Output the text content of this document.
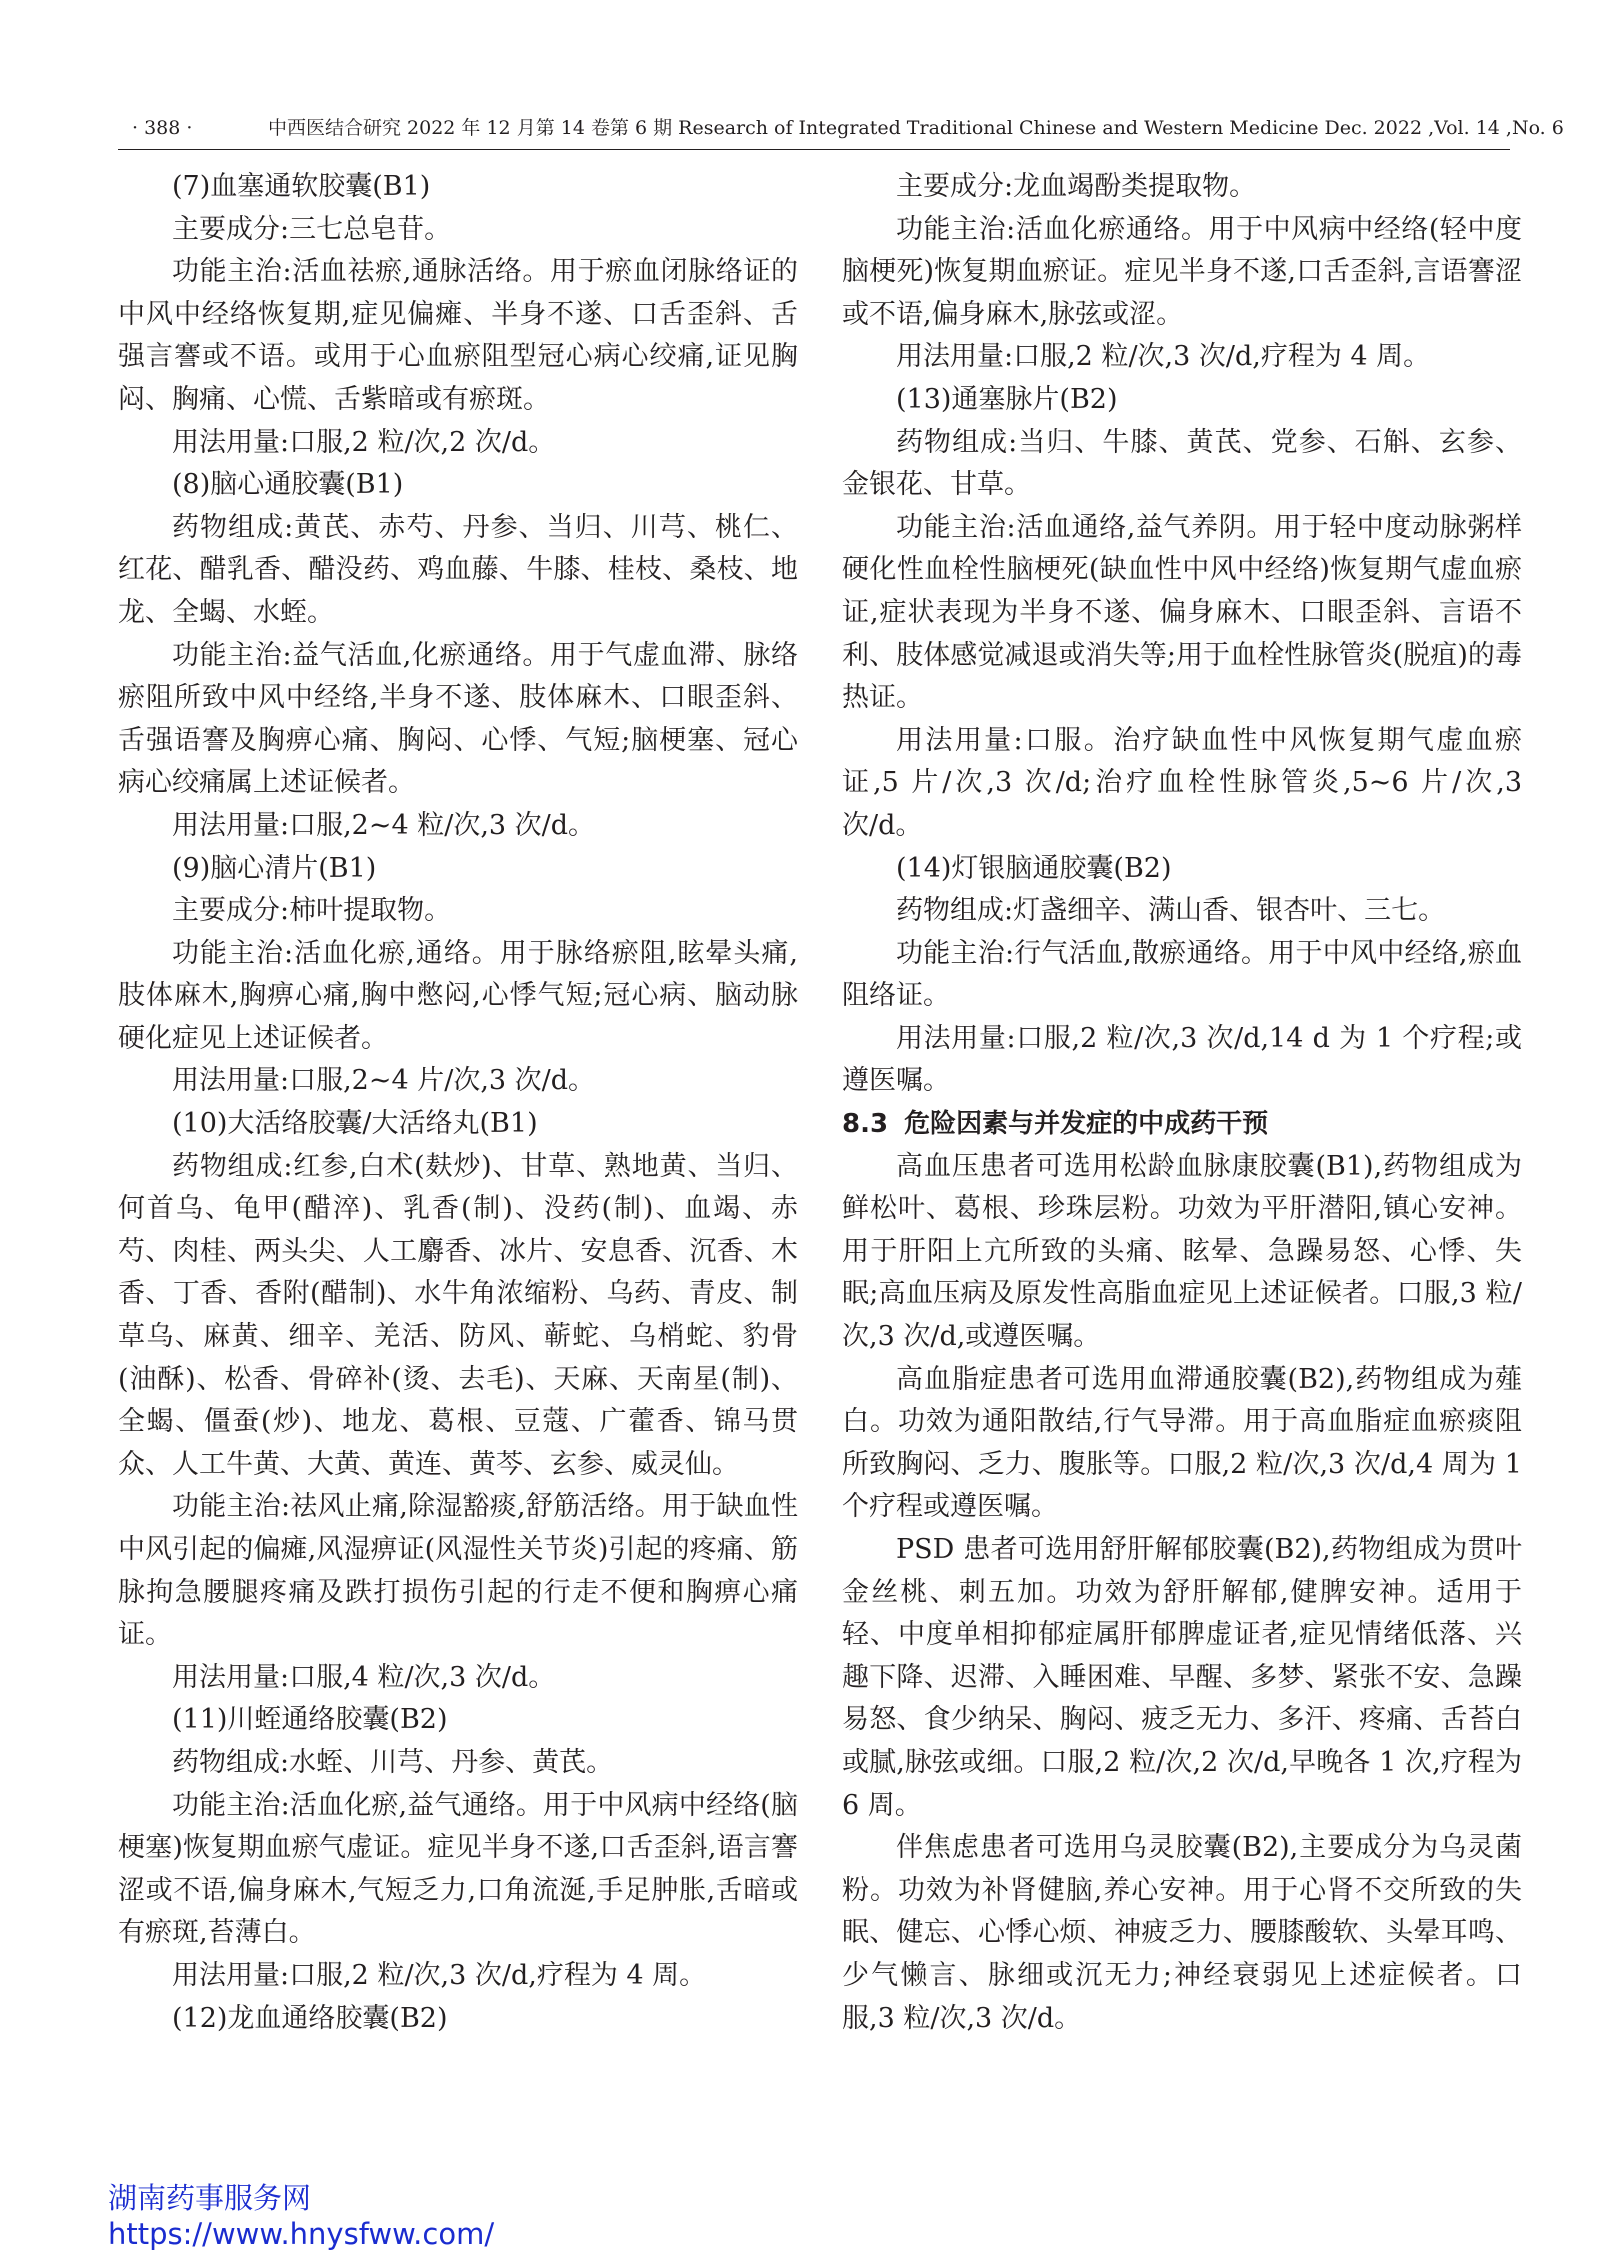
· 388 ·	中西医结合研究 2022 年 12 月第 14 卷第 6 期 Research of Integrated Traditional Chinese and Western Medicine Dec. 2022 ,Vol. 14 ,No. 6

(7)血塞通软胶囊(B1)

主要成分:三七总皂苷。

功能主治:活血祛瘀,通脉活络。用于瘀血闭脉络证的中风中经络恢复期,症见偏瘫、半身不遂、口舌歪斜、舌强言謇或不语。或用于心血瘀阻型冠心病心绞痛,证见胸闷、胸痛、心慌、舌紫暗或有瘀斑。

用法用量:口服,2 粒/次,2 次/d。

(8)脑心通胶囊(B1)

药物组成:黄芪、赤芍、丹参、当归、川芎、桃仁、红花、醋乳香、醋没药、鸡血藤、牛膝、桂枝、桑枝、地龙、全蝎、水蛭。

功能主治:益气活血,化瘀通络。用于气虚血滞、脉络瘀阻所致中风中经络,半身不遂、肢体麻木、口眼歪斜、舌强语謇及胸痹心痛、胸闷、心悸、气短;脑梗塞、冠心病心绞痛属上述证候者。

用法用量:口服,2~4 粒/次,3 次/d。

(9)脑心清片(B1)

主要成分:柿叶提取物。

功能主治:活血化瘀,通络。用于脉络瘀阻,眩晕头痛,肢体麻木,胸痹心痛,胸中憋闷,心悸气短;冠心病、脑动脉硬化症见上述证候者。

用法用量:口服,2~4 片/次,3 次/d。

(10)大活络胶囊/大活络丸(B1)

药物组成:红参,白术(麸炒)、甘草、熟地黄、当归、何首乌、龟甲(醋淬)、乳香(制)、没药(制)、血竭、赤芍、肉桂、两头尖、人工麝香、冰片、安息香、沉香、木香、丁香、香附(醋制)、水牛角浓缩粉、乌药、青皮、制草乌、麻黄、细辛、羌活、防风、蕲蛇、乌梢蛇、豹骨(油酥)、松香、骨碎补(烫、去毛)、天麻、天南星(制)、全蝎、僵蚕(炒)、地龙、葛根、豆蔻、广藿香、锦马贯众、人工牛黄、大黄、黄连、黄芩、玄参、威灵仙。

功能主治:祛风止痛,除湿豁痰,舒筋活络。用于缺血性中风引起的偏瘫,风湿痹证(风湿性关节炎)引起的疼痛、筋脉拘急腰腿疼痛及跌打损伤引起的行走不便和胸痹心痛证。

用法用量:口服,4 粒/次,3 次/d。

(11)川蛭通络胶囊(B2)

药物组成:水蛭、川芎、丹参、黄芪。

功能主治:活血化瘀,益气通络。用于中风病中经络(脑梗塞)恢复期血瘀气虚证。症见半身不遂,口舌歪斜,语言謇涩或不语,偏身麻木,气短乏力,口角流涎,手足肿胀,舌暗或有瘀斑,苔薄白。

用法用量:口服,2 粒/次,3 次/d,疗程为 4 周。

(12)龙血通络胶囊(B2)

主要成分:龙血竭酚类提取物。

功能主治:活血化瘀通络。用于中风病中经络(轻中度脑梗死)恢复期血瘀证。症见半身不遂,口舌歪斜,言语謇涩或不语,偏身麻木,脉弦或涩。

用法用量:口服,2 粒/次,3 次/d,疗程为 4 周。

(13)通塞脉片(B2)

药物组成:当归、牛膝、黄芪、党参、石斛、玄参、金银花、甘草。

功能主治:活血通络,益气养阴。用于轻中度动脉粥样硬化性血栓性脑梗死(缺血性中风中经络)恢复期气虚血瘀证,症状表现为半身不遂、偏身麻木、口眼歪斜、言语不利、肢体感觉减退或消失等;用于血栓性脉管炎(脱疽)的毒热证。

用法用量:口服。治疗缺血性中风恢复期气虚血瘀证,5 片/次,3 次/d;治疗血栓性脉管炎,5~6 片/次,3 次/d。

(14)灯银脑通胶囊(B2)

药物组成:灯盏细辛、满山香、银杏叶、三七。

功能主治:行气活血,散瘀通络。用于中风中经络,瘀血阻络证。

用法用量:口服,2 粒/次,3 次/d,14 d 为 1 个疗程;或遵医嘱。

8.3 危险因素与并发症的中成药干预

高血压患者可选用松龄血脉康胶囊(B1),药物组成为鲜松叶、葛根、珍珠层粉。功效为平肝潜阳,镇心安神。用于肝阳上亢所致的头痛、眩晕、急躁易怒、心悸、失眠;高血压病及原发性高脂血症见上述证候者。口服,3 粒/次,3 次/d,或遵医嘱。

高血脂症患者可选用血滞通胶囊(B2),药物组成为薤白。功效为通阳散结,行气导滞。用于高血脂症血瘀痰阻所致胸闷、乏力、腹胀等。口服,2 粒/次,3 次/d,4 周为 1 个疗程或遵医嘱。

PSD 患者可选用舒肝解郁胶囊(B2),药物组成为贯叶金丝桃、刺五加。功效为舒肝解郁,健脾安神。适用于轻、中度单相抑郁症属肝郁脾虚证者,症见情绪低落、兴趣下降、迟滞、入睡困难、早醒、多梦、紧张不安、急躁易怒、食少纳呆、胸闷、疲乏无力、多汗、疼痛、舌苔白或腻,脉弦或细。口服,2 粒/次,2 次/d,早晚各 1 次,疗程为 6 周。

伴焦虑患者可选用乌灵胶囊(B2),主要成分为乌灵菌粉。功效为补肾健脑,养心安神。用于心肾不交所致的失眠、健忘、心悸心烦、神疲乏力、腰膝酸软、头晕耳鸣、少气懒言、脉细或沉无力;神经衰弱见上述症候者。口服,3 粒/次,3 次/d。

湖南药事服务网
https://www.hnysfww.com/
